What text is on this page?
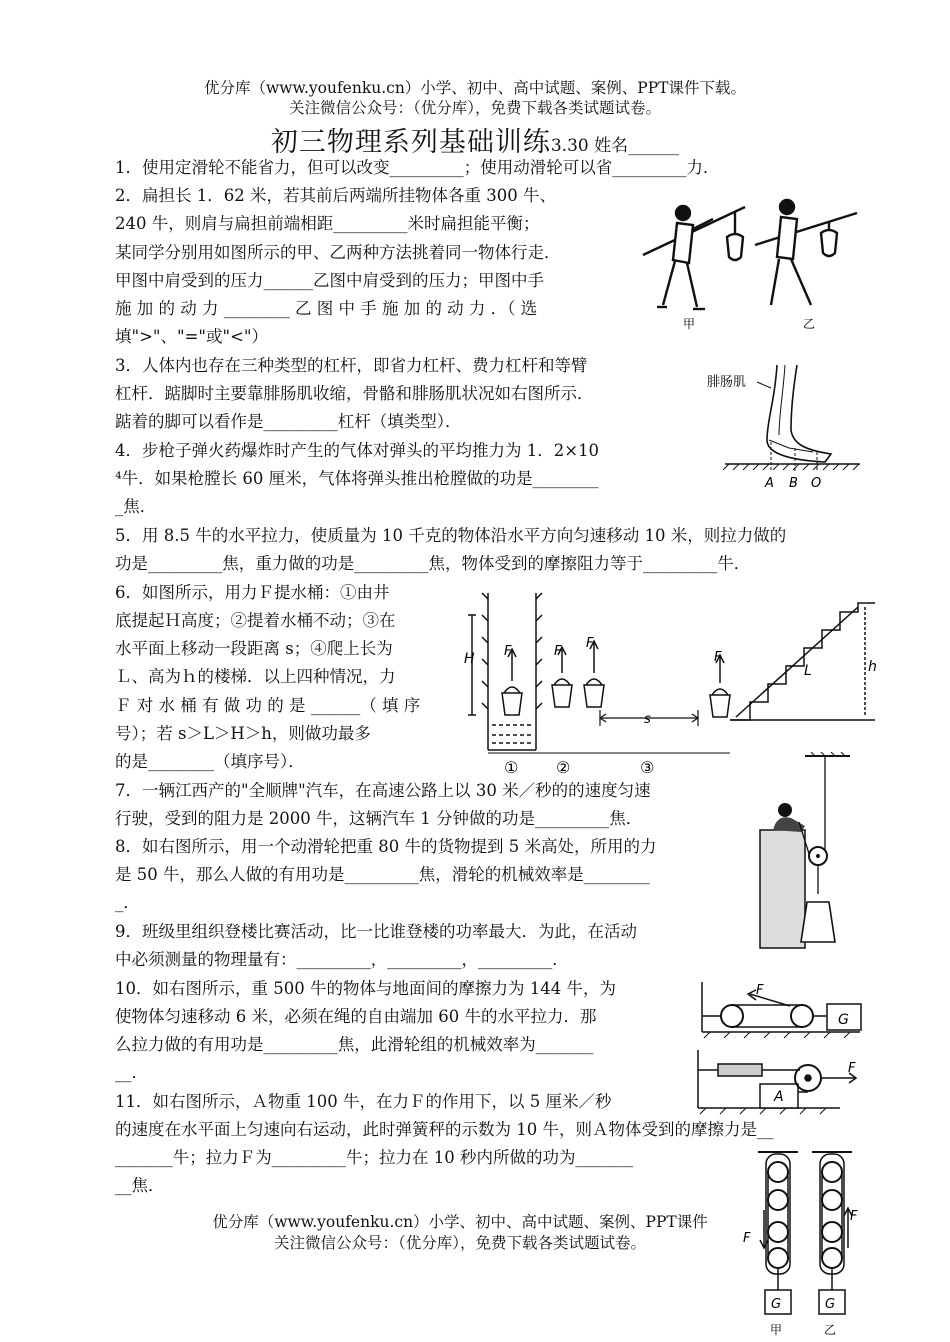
优分库（www.youfenku.cn）小学、初中、高中试题、案例、PPT课件下载。
关注微信公众号：（优分库），免费下载各类试题试卷。
初三物理系列基础训练3.30 姓名______
1．使用定滑轮不能省力，但可以改变_________；使用动滑轮可以省_________力．
2．扁担长 1．62 米，若其前后两端所挂物体各重 300 牛、
240 牛，则肩与扁担前端相距_________米时扁担能平衡；
某同学分别用如图所示的甲、乙两种方法挑着同一物体行走．
甲图中肩受到的压力______乙图中肩受到的压力；甲图中手
施 加 的 动 力 ________ 乙 图 中 手 施 加 的 动 力 ．（ 选
填">"、"="或"<"）
3．人体内也存在三种类型的杠杆，即省力杠杆、费力杠杆和等臂
杠杆．踮脚时主要靠腓肠肌收缩，骨骼和腓肠肌状况如右图所示．
踮着的脚可以看作是_________杠杆（填类型）．
4．步枪子弹火药爆炸时产生的气体对弹头的平均推力为 1．2×10
⁴牛．如果枪膛长 60 厘米，气体将弹头推出枪膛做的功是________
_焦．
5．用 8.5 牛的水平拉力，使质量为 10 千克的物体沿水平方向匀速移动 10 米，则拉力做的
功是_________焦，重力做的功是_________焦，物体受到的摩擦阻力等于_________牛．
6．如图所示，用力Ｆ提水桶：①由井
底提起Ｈ高度；②提着水桶不动；③在
水平面上移动一段距离 s；④爬上长为
Ｌ、高为ｈ的楼梯．以上四种情况，力
Ｆ 对 水 桶 有 做 功 的 是 ______（ 填 序
号）；若 s＞L＞H＞h，则做功最多
的是________（填序号）．
7．一辆江西产的"全顺牌"汽车，在高速公路上以 30 米／秒的的速度匀速
行驶，受到的阻力是 2000 牛，这辆汽车 1 分钟做的功是_________焦．
8．如右图所示，用一个动滑轮把重 80 牛的货物提到 5 米高处，所用的力
是 50 牛，那么人做的有用功是_________焦，滑轮的机械效率是________
_．
9．班级里组织登楼比赛活动，比一比谁登楼的功率最大．为此，在活动
中必须测量的物理量有：_________，_________，_________．
10．如右图所示，重 500 牛的物体与地面间的摩擦力为 144 牛，为
使物体匀速移动 6 米，必须在绳的自由端加 60 牛的水平拉力．那
么拉力做的有用功是_________焦，此滑轮组的机械效率为_______
__．
11．如右图所示，Ａ物重 100 牛，在力Ｆ的作用下，以 5 厘米／秒
的速度在水平面上匀速向右运动，此时弹簧秤的示数为 10 牛，则Ａ物体受到的摩擦力是__
_______牛；拉力Ｆ为_________牛；拉力在 10 秒内所做的功为_______
__焦．
优分库（www.youfenku.cn）小学、初中、高中试题、案例、PPT课件
关注微信公众号：（优分库），免费下载各类试题试卷。
甲	乙
腓肠肌
A B O
H F	F
F
F
s
L	h
① ②	③
F
G
A
F
F
G
F
G
甲	乙
